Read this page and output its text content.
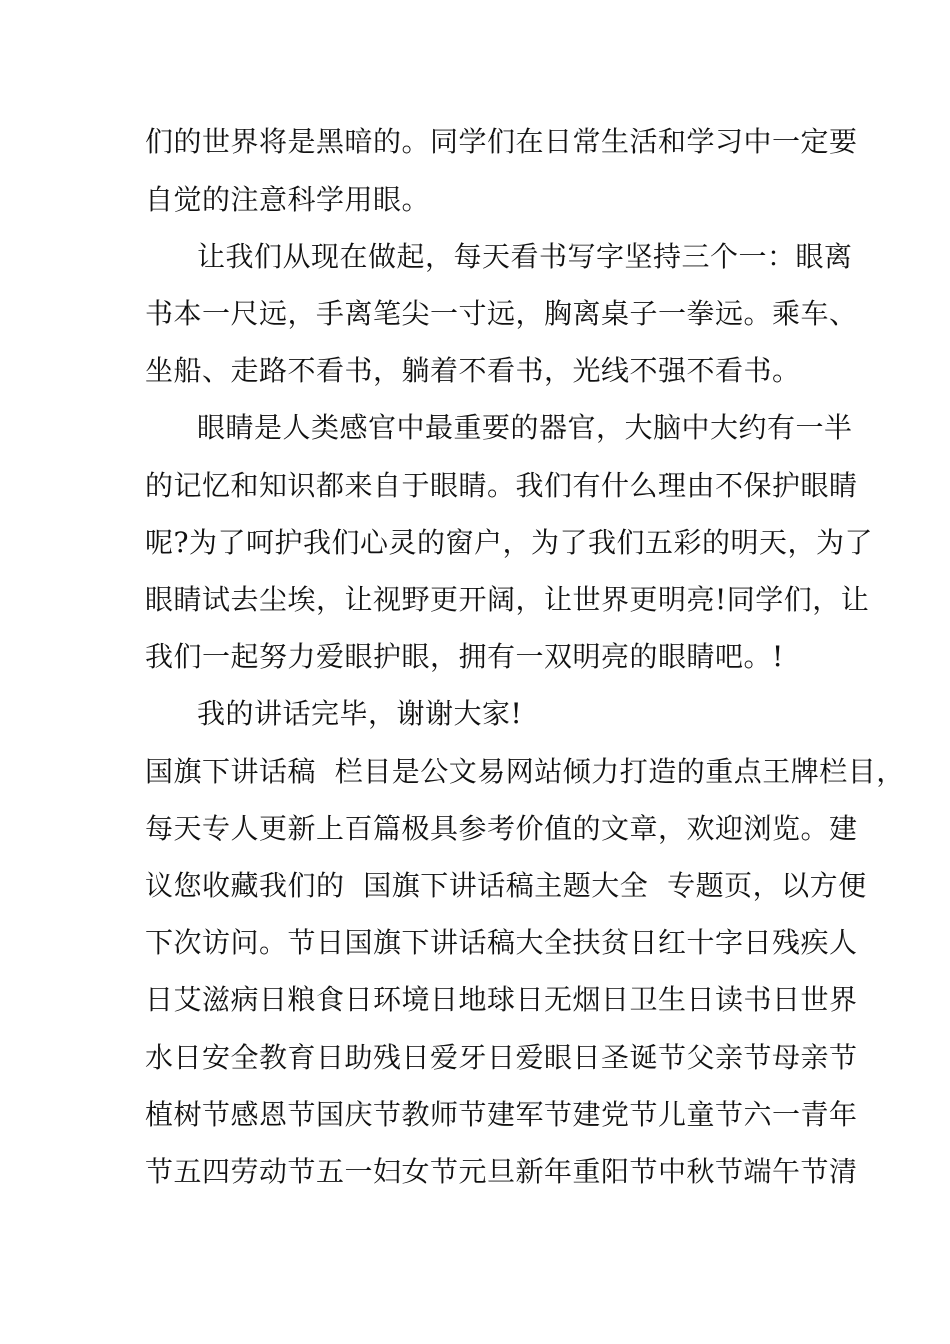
们的世界将是黑暗的。同学们在日常生活和学习中一定要
自觉的注意科学用眼。
让我们从现在做起，每天看书写字坚持三个一：眼离
书本一尺远，手离笔尖一寸远，胸离桌子一拳远。乘车、
坐船、走路不看书，躺着不看书，光线不强不看书。
眼睛是人类感官中最重要的器官，大脑中大约有一半
的记忆和知识都来自于眼睛。我们有什么理由不保护眼睛
呢?为了呵护我们心灵的窗户，为了我们五彩的明天，为了
眼睛试去尘埃，让视野更开阔，让世界更明亮!同学们，让
我们一起努力爱眼护眼，拥有一双明亮的眼睛吧。!
我的讲话完毕，谢谢大家!
国旗下讲话稿  栏目是公文易网站倾力打造的重点王牌栏目，
每天专人更新上百篇极具参考价值的文章，欢迎浏览。建
议您收藏我们的  国旗下讲话稿主题大全  专题页，以方便
下次访问。节日国旗下讲话稿大全扶贫日红十字日残疾人
日艾滋病日粮食日环境日地球日无烟日卫生日读书日世界
水日安全教育日助残日爱牙日爱眼日圣诞节父亲节母亲节
植树节感恩节国庆节教师节建军节建党节儿童节六一青年
节五四劳动节五一妇女节元旦新年重阳节中秋节端午节清
